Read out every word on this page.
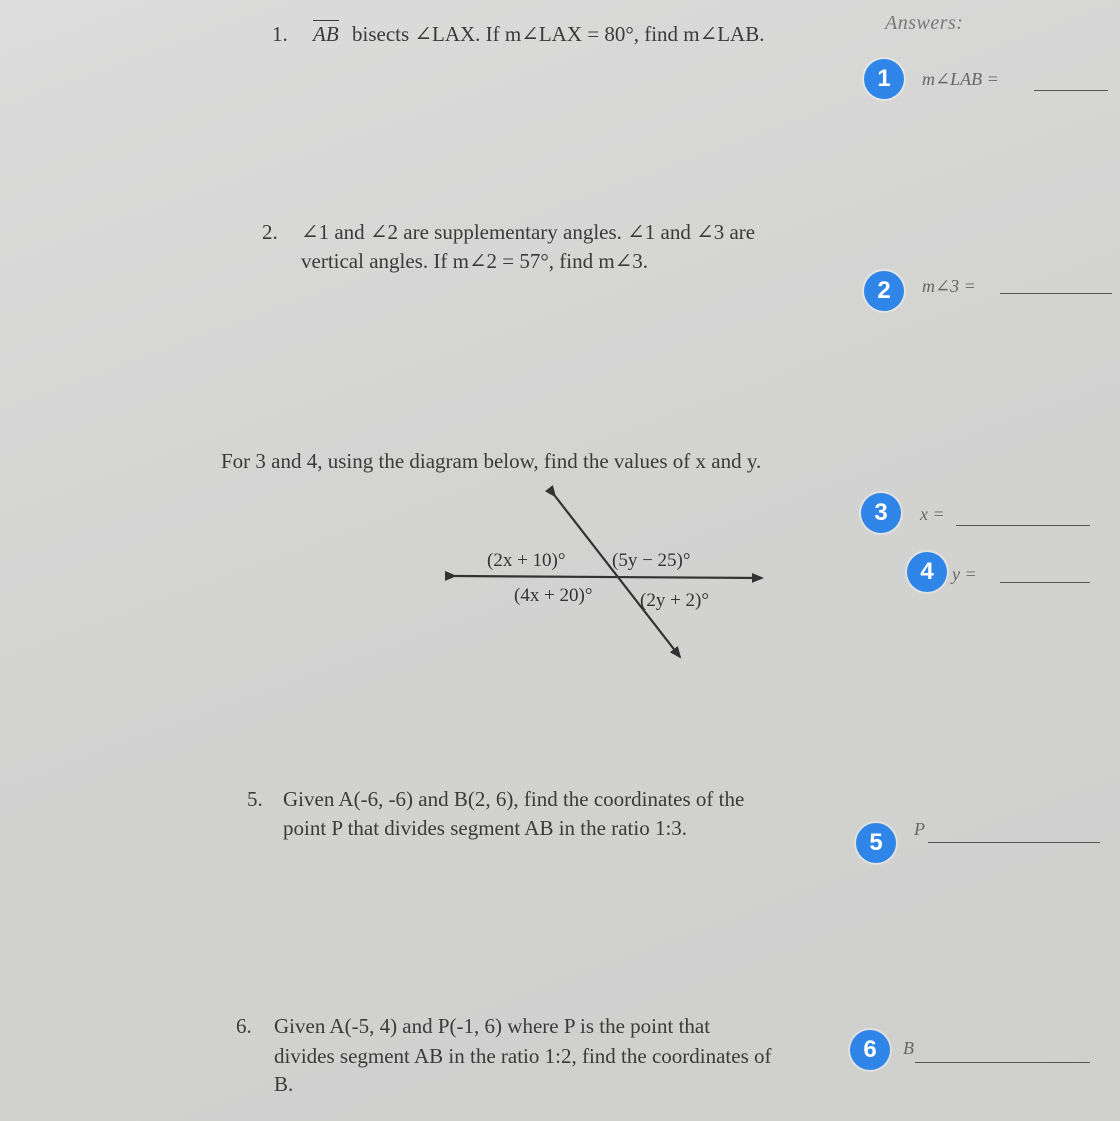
1. AB bisects ∠LAX. If m∠LAX = 80°, find m∠LAB.	Answers:
2. ∠1 and ∠2 are supplementary angles. ∠1 and ∠3 are
vertical angles. If m∠2 = 57°, find m∠3.
For 3 and 4, using the diagram below, find the values of x and y.
(2x + 10)° (5y − 25)°
(4x + 20)°	(2y + 2)°
5. Given A(-6, -6) and B(2, 6), find the coordinates of the
point P that divides segment AB in the ratio 1:3.
6. Given A(-5, 4) and P(-1, 6) where P is the point that
divides segment AB in the ratio 1:2, find the coordinates of
B.
1	m∠LAB =
2	m∠3 =
3	x =
4	y =
5	P
6	B
